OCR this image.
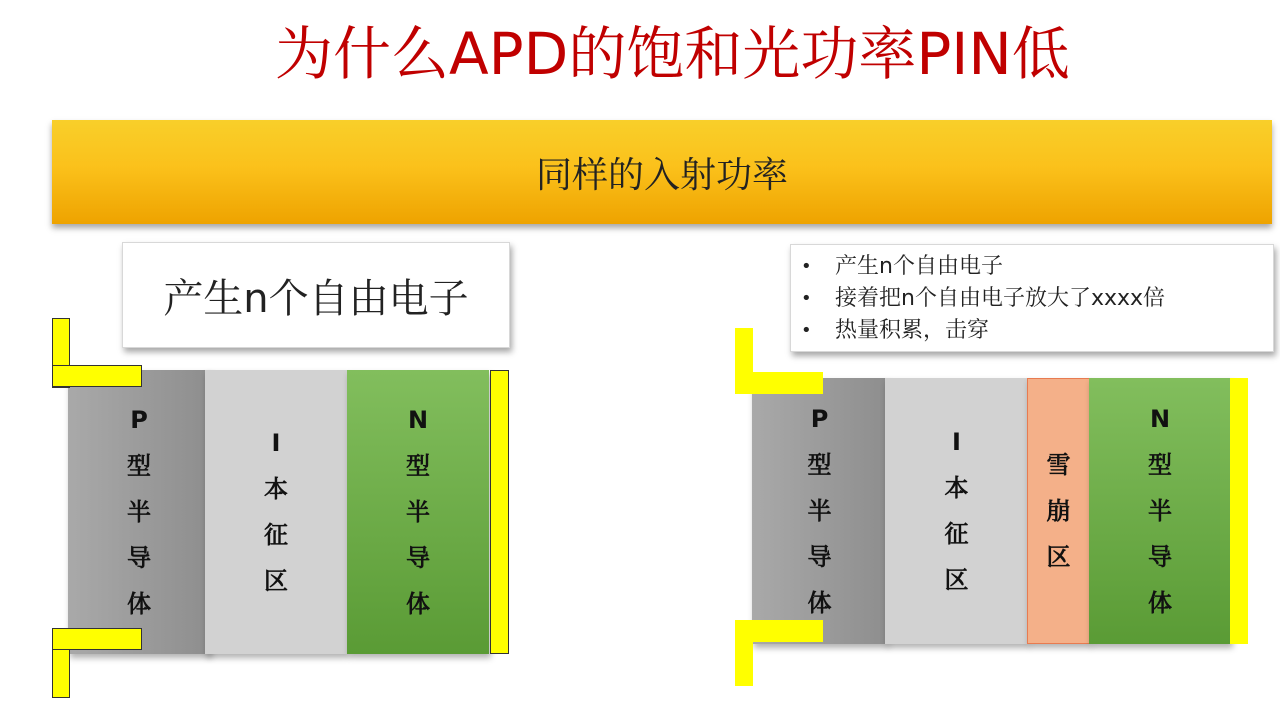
为什么APD的饱和光功率PIN低
同样的入射功率
产生n个自由电子
• 产生n个自由电子
• 接着把n个自由电子放大了xxxx倍
• 热量积累，击穿
P
型
半
导
体
I
本
征
区
N
型
半
导
体
P
型
半
导
体
I
本
征
区
雪
崩
区
N
型
半
导
体
